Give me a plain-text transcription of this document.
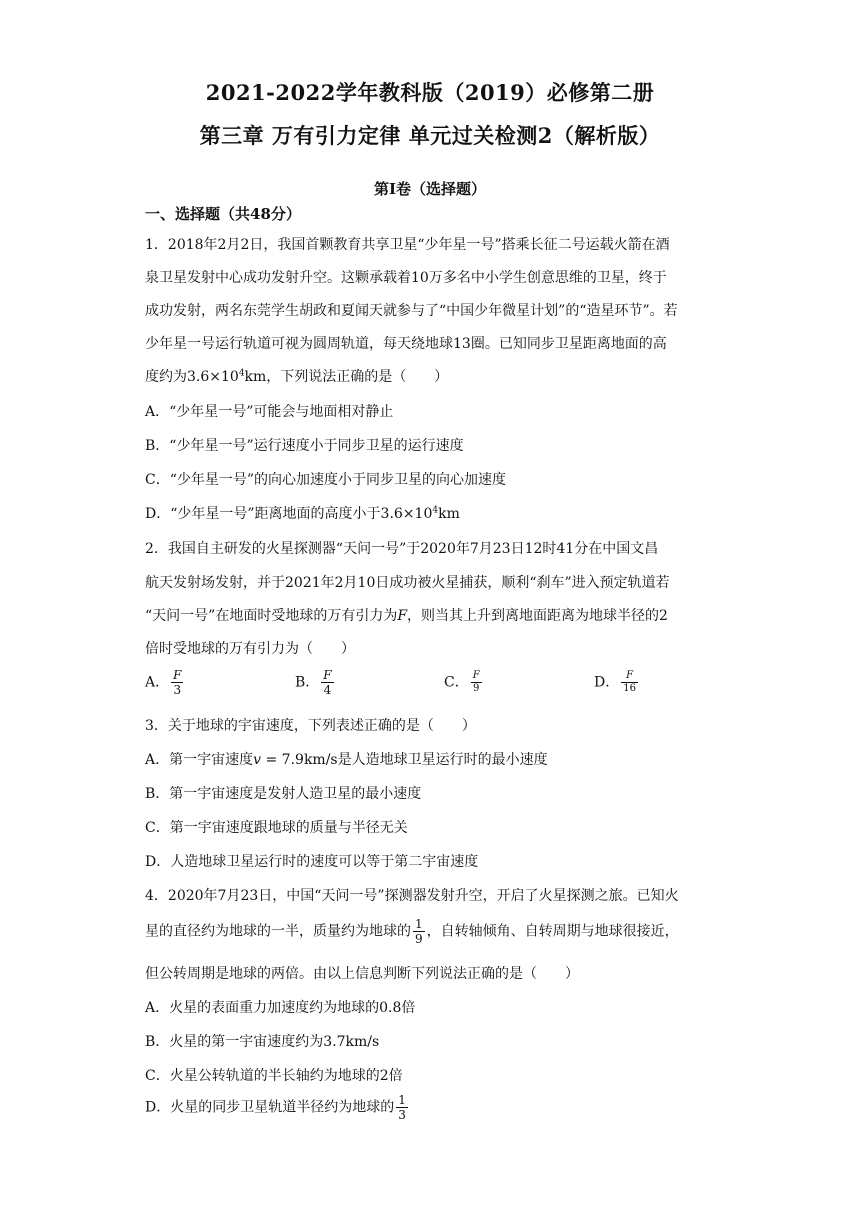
2021-2022学年教科版（2019）必修第二册
第三章 万有引力定律 单元过关检测2（解析版）
第Ⅰ卷（选择题）
一、选择题（共48分）
1．2018年2月2日，我国首颗教育共享卫星“少年星一号”搭乘长征二号运载火箭在酒
泉卫星发射中心成功发射升空。这颗承载着10万多名中小学生创意思维的卫星，终于
成功发射，两名东莞学生胡政和夏闻天就参与了“中国少年微星计划”的“造星环节”。若
少年星一号运行轨道可视为圆周轨道，每天绕地球13圈。已知同步卫星距离地面的高
度约为$3.6\times 10^4km$，下列说法正确的是（　　）
A．“少年星一号”可能会与地面相对静止
B．“少年星一号”运行速度小于同步卫星的运行速度
C．“少年星一号”的向心加速度小于同步卫星的向心加速度
D．“少年星一号”距离地面的高度小于$3.6\times 10^4km$
2．我国自主研发的火星探测器“天问一号”于2020年7月23日12时41分在中国文昌
航天发射场发射，并于2021年2月10日成功被火星捕获，顺利“刹车”进入预定轨道若
“天问一号”在地面时受地球的万有引力为F，则当其上升到离地面距离为地球半径的2
倍时受地球的万有引力为（　　）
A． $\frac{F}{3}$	B． $\frac{F}{4}$	C． $\frac{F}{9}$	D． $\frac{F}{16}$
3．关于地球的宇宙速度，下列表述正确的是（　　）
A．第一宇宙速度v = 7.9km/s是人造地球卫星运行时的最小速度
B．第一宇宙速度是发射人造卫星的最小速度
C．第一宇宙速度跟地球的质量与半径无关
D．人造地球卫星运行时的速度可以等于第二宇宙速度
4．2020年7月23日，中国“天问一号”探测器发射升空，开启了火星探测之旅。已知火
星的直径约为地球的一半，质量约为地球的 $\frac{1}{9}$ ，自转轴倾角、自转周期与地球很接近，
但公转周期是地球的两倍。由以上信息判断下列说法正确的是（　　）
A．火星的表面重力加速度约为地球的0.8倍
B．火星的第一宇宙速度约为3.7km/s
C．火星公转轨道的半长轴约为地球的2倍
D．火星的同步卫星轨道半径约为地球的 $\frac{1}{3}$
